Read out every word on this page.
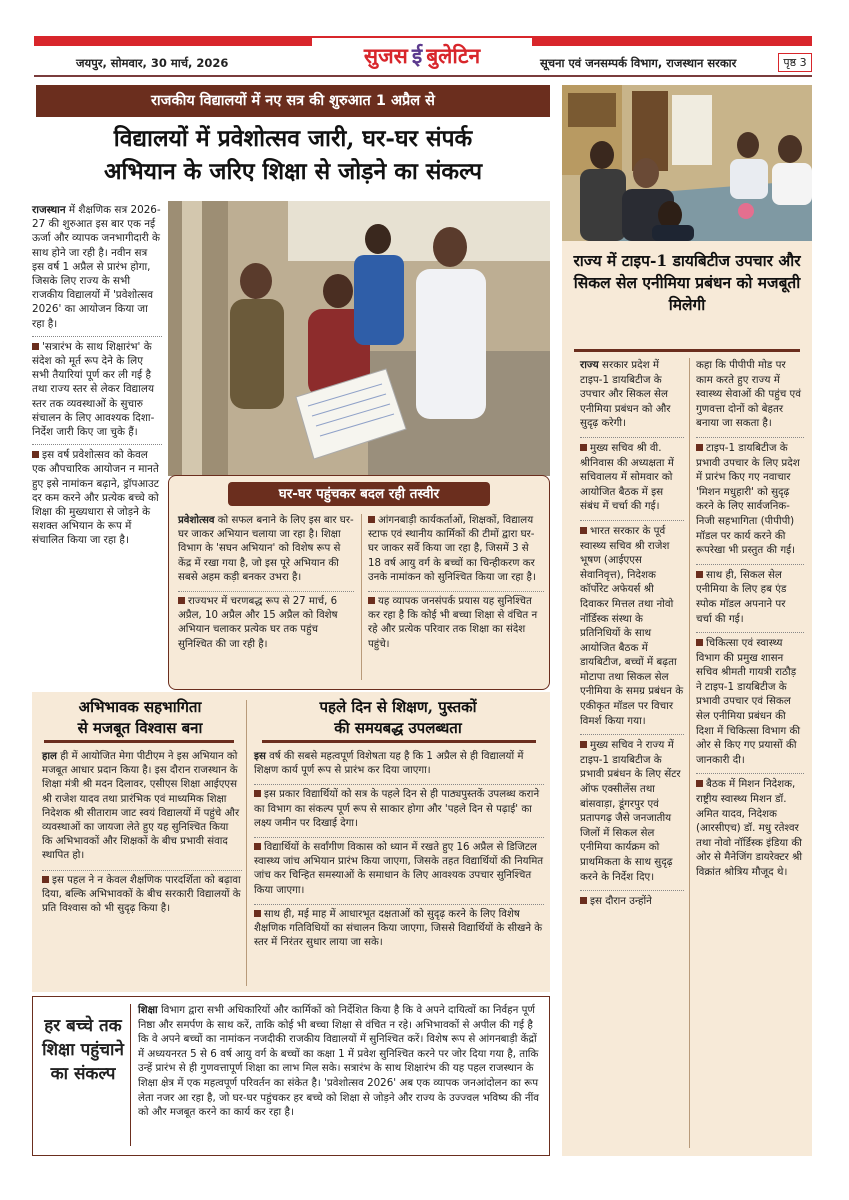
सुजस ई बुलेटिन
जयपुर, सोमवार, 30 मार्च, 2026	सूचना एवं जनसम्पर्क विभाग, राजस्थान सरकार	पृष्ठ 3
राजकीय विद्यालयों में नए सत्र की शुरुआत 1 अप्रैल से
विद्यालयों में प्रवेशोत्सव जारी, घर-घर संपर्क
अभियान के जरिए शिक्षा से जोड़ने का संकल्प

राजस्थान में शैक्षणिक सत्र 2026-27 की शुरुआत इस बार एक नई ऊर्जा और व्यापक जनभागीदारी के साथ होने जा रही है। नवीन सत्र इस वर्ष 1 अप्रैल से प्रारंभ होगा, जिसके लिए राज्य के सभी राजकीय विद्यालयों में 'प्रवेशोत्सव 2026' का आयोजन किया जा रहा है।

'सत्रारंभ के साथ शिक्षारंभ' के संदेश को मूर्त रूप देने के लिए सभी तैयारियां पूर्ण कर ली गई है तथा राज्य स्तर से लेकर विद्यालय स्तर तक व्यवस्थाओं के सुचारु संचालन के लिए आवश्यक दिशा-निर्देश जारी किए जा चुके हैं।

इस वर्ष प्रवेशोत्सव को केवल एक औपचारिक आयोजन न मानते हुए इसे नामांकन बढ़ाने, ड्रॉपआउट दर कम करने और प्रत्येक बच्चे को शिक्षा की मुख्यधारा से जोड़ने के सशक्त अभियान के रूप में संचालित किया जा रहा है।

घर-घर पहुंचकर बदल रही तस्वीर

प्रवेशोत्सव को सफल बनाने के लिए इस बार घर-घर जाकर अभियान चलाया जा रहा है। शिक्षा विभाग के 'सघन अभियान' को विशेष रूप से केंद्र में रखा गया है, जो इस पूरे अभियान की सबसे अहम कड़ी बनकर उभरा है।

राज्यभर में चरणबद्ध रूप से 27 मार्च, 6 अप्रैल, 10 अप्रैल और 15 अप्रैल को विशेष अभियान चलाकर प्रत्येक घर तक पहुंच सुनिश्चित की जा रही है।

आंगनबाड़ी कार्यकर्ताओं, शिक्षकों, विद्यालय स्टाफ एवं स्थानीय कार्मिकों की टीमों द्वारा घर-घर जाकर सर्वे किया जा रहा है, जिसमें 3 से 18 वर्ष आयु वर्ग के बच्चों का चिन्हीकरण कर उनके नामांकन को सुनिश्चित किया जा रहा है।

यह व्यापक जनसंपर्क प्रयास यह सुनिश्चित कर रहा है कि कोई भी बच्चा शिक्षा से वंचित न रहे और प्रत्येक परिवार तक शिक्षा का संदेश पहुंचे।

अभिभावक सहभागिता
से मजबूत विश्वास बना

हाल ही में आयोजित मेगा पीटीएम ने इस अभियान को मजबूत आधार प्रदान किया है। इस दौरान राजस्थान के शिक्षा मंत्री श्री मदन दिलावर, एसीएस शिक्षा आईएएस श्री राजेश यादव तथा प्रारंभिक एवं माध्यमिक शिक्षा निदेशक श्री सीताराम जाट स्वयं विद्यालयों में पहुंचे और व्यवस्थाओं का जायजा लेते हुए यह सुनिश्चित किया कि अभिभावकों और शिक्षकों के बीच प्रभावी संवाद स्थापित हो।

इस पहल ने न केवल शैक्षणिक पारदर्शिता को बढ़ावा दिया, बल्कि अभिभावकों के बीच सरकारी विद्यालयों के प्रति विश्वास को भी सुदृढ़ किया है।

पहले दिन से शिक्षण, पुस्तकों
की समयबद्ध उपलब्धता

इस वर्ष की सबसे महत्वपूर्ण विशेषता यह है कि 1 अप्रैल से ही विद्यालयों में शिक्षण कार्य पूर्ण रूप से प्रारंभ कर दिया जाएगा।

इस प्रकार विद्यार्थियों को सत्र के पहले दिन से ही पाठ्यपुस्तकें उपलब्ध कराने का विभाग का संकल्प पूर्ण रूप से साकार होगा और 'पहले दिन से पढ़ाई' का लक्ष्य जमीन पर दिखाई देगा।

विद्यार्थियों के सर्वांगीण विकास को ध्यान में रखते हुए 16 अप्रैल से डिजिटल स्वास्थ्य जांच अभियान प्रारंभ किया जाएगा, जिसके तहत विद्यार्थियों की नियमित जांच कर चिन्हित समस्याओं के समाधान के लिए आवश्यक उपचार सुनिश्चित किया जाएगा।

साथ ही, मई माह में आधारभूत दक्षताओं को सुदृढ़ करने के लिए विशेष शैक्षणिक गतिविधियों का संचालन किया जाएगा, जिससे विद्यार्थियों के सीखने के स्तर में निरंतर सुधार लाया जा सके।

हर बच्चे तक शिक्षा पहुंचाने का संकल्प
शिक्षा विभाग द्वारा सभी अधिकारियों और कार्मिकों को निर्देशित किया है कि वे अपने दायित्वों का निर्वहन पूर्ण निष्ठा और समर्पण के साथ करें, ताकि कोई भी बच्चा शिक्षा से वंचित न रहे। अभिभावकों से अपील की गई है कि वे अपने बच्चों का नामांकन नजदीकी राजकीय विद्यालयों में सुनिश्चित करें। विशेष रूप से आंगनबाड़ी केंद्रों में अध्ययनरत 5 से 6 वर्ष आयु वर्ग के बच्चों का कक्षा 1 में प्रवेश सुनिश्चित करने पर जोर दिया गया है, ताकि उन्हें प्रारंभ से ही गुणवत्तापूर्ण शिक्षा का लाभ मिल सके। सत्रारंभ के साथ शिक्षारंभ की यह पहल राजस्थान के शिक्षा क्षेत्र में एक महत्वपूर्ण परिवर्तन का संकेत है। 'प्रवेशोत्सव 2026' अब एक व्यापक जनआंदोलन का रूप लेता नजर आ रहा है, जो घर-घर पहुंचकर हर बच्चे को शिक्षा से जोड़ने और राज्य के उज्ज्वल भविष्य की नींव को और मजबूत करने का कार्य कर रहा है।
राज्य में टाइप-1 डायबिटीज उपचार और सिकल सेल एनीमिया प्रबंधन को मजबूती मिलेगी

राज्य सरकार प्रदेश में टाइप-1 डायबिटीज के उपचार और सिकल सेल एनीमिया प्रबंधन को और सुदृढ़ करेगी।

मुख्य सचिव श्री वी. श्रीनिवास की अध्यक्षता में सचिवालय में सोमवार को आयोजित बैठक में इस संबंध में चर्चा की गई।

भारत सरकार के पूर्व स्वास्थ्य सचिव श्री राजेश भूषण (आईएएस सेवानिवृत्त), निदेशक कॉर्पोरेट अफेयर्स श्री दिवाकर मित्तल तथा नोवो नॉर्डिस्क संस्था के प्रतिनिधियों के साथ आयोजित बैठक में डायबिटीज, बच्चों में बढ़ता मोटापा तथा सिकल सेल एनीमिया के समग्र प्रबंधन के एकीकृत मॉडल पर विचार विमर्श किया गया।

मुख्य सचिव ने राज्य में टाइप-1 डायबिटीज के प्रभावी प्रबंधन के लिए सेंटर ऑफ एक्सीलेंस तथा बांसवाड़ा, डूंगरपुर एवं प्रतापगढ़ जैसे जनजातीय जिलों में सिकल सेल एनीमिया कार्यक्रम को प्राथमिकता के साथ सुदृढ़ करने के निर्देश दिए।

इस दौरान उन्होंने

कहा कि पीपीपी मोड पर काम करते हुए राज्य में स्वास्थ्य सेवाओं की पहुंच एवं गुणवत्ता दोनों को बेहतर बनाया जा सकता है।

टाइप-1 डायबिटीज के प्रभावी उपचार के लिए प्रदेश में प्रारंभ किए गए नवाचार 'मिशन मधुहारी' को सुदृढ़ करने के लिए सार्वजनिक-निजी सहभागिता (पीपीपी) मॉडल पर कार्य करने की रूपरेखा भी प्रस्तुत की गई।

साथ ही, सिकल सेल एनीमिया के लिए हब एंड स्पोक मॉडल अपनाने पर चर्चा की गई।

चिकित्सा एवं स्वास्थ्य विभाग की प्रमुख शासन सचिव श्रीमती गायत्री राठौड़ ने टाइप-1 डायबिटीज के प्रभावी उपचार एवं सिकल सेल एनीमिया प्रबंधन की दिशा में चिकित्सा विभाग की ओर से किए गए प्रयासों की जानकारी दी।

बैठक में मिशन निदेशक, राष्ट्रीय स्वास्थ्य मिशन डॉ. अमित यादव, निदेशक (आरसीएच) डॉ. मधु रतेश्वर तथा नोवो नॉर्डिस्क इंडिया की ओर से मैनेजिंग डायरेक्टर श्री विक्रांत श्रोत्रिय मौजूद थे।
